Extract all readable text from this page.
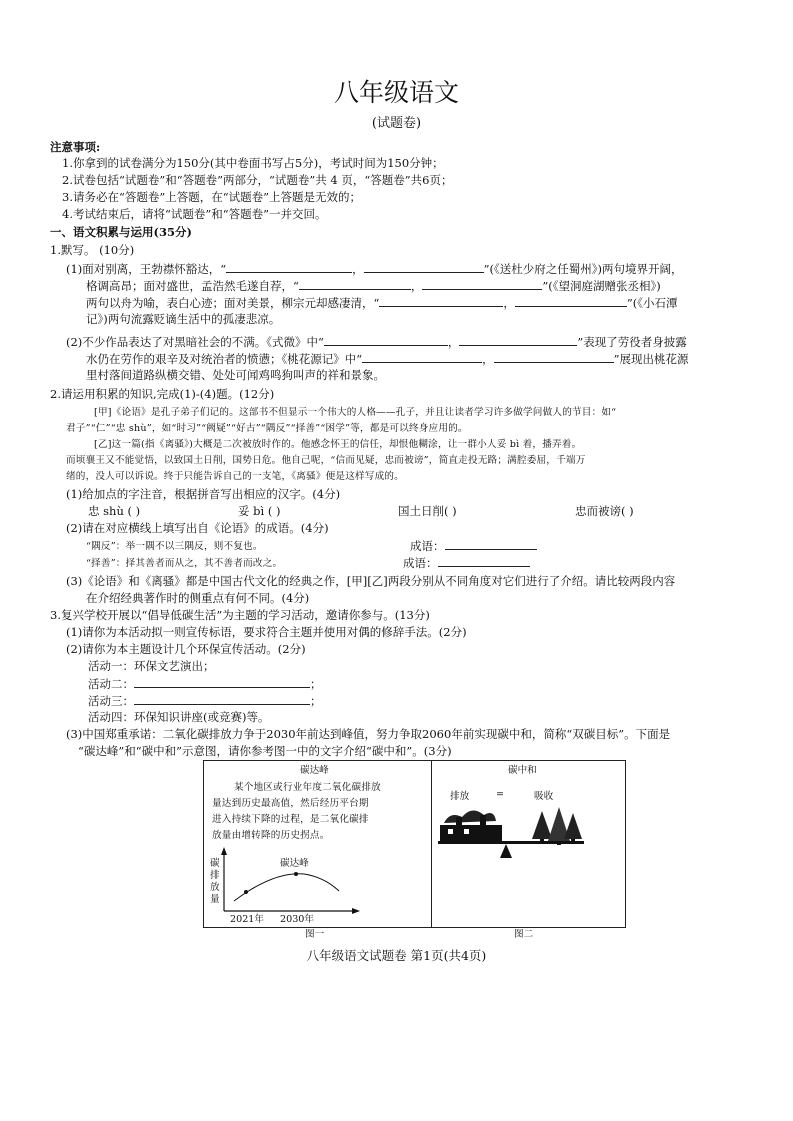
八年级语文
(试题卷)
注意事项:
1.你拿到的试卷满分为150分(其中卷面书写占5分)，考试时间为150分钟；
2.试卷包括“试题卷”和“答题卷”两部分，“试题卷”共 4 页，“答题卷”共6页；
3.请务必在“答题卷”上答题，在“试题卷”上答题是无效的；
4.考试结束后，请将“试题卷”和“答题卷”一并交回。
一、语文积累与运用(35分)
1.默写。 (10分)
(1)面对别离，王勃襟怀豁达，“	，	”(《送杜少府之任蜀州》)两句境界开阔，
格调高昂；面对盛世，孟浩然毛遂自荐，“	，	”(《望洞庭湖赠张丞相》)
两句以舟为喻，表白心迹；面对美景，柳宗元却感凄清，“	，	”(《小石潭
记》)两句流露贬谪生活中的孤凄悲凉。
(2)不少作品表达了对黑暗社会的不满。《式微》中“	，	”表现了劳役者身披露
水仍在劳作的艰辛及对统治者的愤懑；《桃花源记》中“	，	”展现出桃花源
里村落间道路纵横交错、处处可闻鸡鸣狗叫声的祥和景象。
2.请运用积累的知识,完成(1)-(4)题。(12分)
[甲]《论语》是孔子弟子们记的。这部书不但显示一个伟大的人格——孔子，并且让读者学习许多做学问做人的节目：如“
君子”“仁”“忠 shù”，如“时习”“阙疑”“好古”“隅反”“择善”“困学”等，都是可以终身应用的。
[乙]这一篇(指《离骚》)大概是二次被放时作的。他感念怀王的信任，却恨他糊涂，让一群小人妥 bì 着，播弄着。
而顷襄王又不能觉悟，以致国土日削，国势日危。他自己呢，“信而见疑，忠而被谤”，简直走投无路；满腔委屈，千端万
绪的，没人可以诉说。终于只能告诉自己的一支笔，《离骚》便是这样写成的。
(1)给加点的字注音，根据拼音写出相应的汉字。(4分)
忠 shù ( )	妥 bì ( )	国土日削( )	忠而被谤( )
(2)请在对应横线上填写出自《论语》的成语。(4分)
“隅反”：举一隅不以三隅反，则不复也。	成语：
“择善”：择其善者而从之，其不善者而改之。	成语：
(3)《论语》和《离骚》都是中国古代文化的经典之作，[甲][乙]两段分别从不同角度对它们进行了介绍。请比较两段内容
在介绍经典著作时的侧重点有何不同。(4分)
3.复兴学校开展以“倡导低碳生活”为主题的学习活动，邀请你参与。(13分)
(1)请你为本活动拟一则宣传标语，要求符合主题并使用对偶的修辞手法。(2分)
(2)请你为本主题设计几个环保宣传活动。(2分)
活动一：环保文艺演出；
活动二：	；
活动三：	；
活动四：环保知识讲座(或竞赛)等。
(3)中国郑重承诺：二氧化碳排放力争于2030年前达到峰值，努力争取2060年前实现碳中和，简称“双碳目标”。下面是
“碳达峰”和“碳中和”示意图，请你参考图一中的文字介绍“碳中和”。(3分)
碳达峰
某个地区或行业年度二氧化碳排放
量达到历史最高值，然后经历平台期
进入持续下降的过程，是二氧化碳排
放量由增转降的历史拐点。
碳
排
放
量
碳达峰
2021年 2030年
碳中和
排放	=	吸收
图一	图二
八年级语文试题卷 第1页(共4页)
